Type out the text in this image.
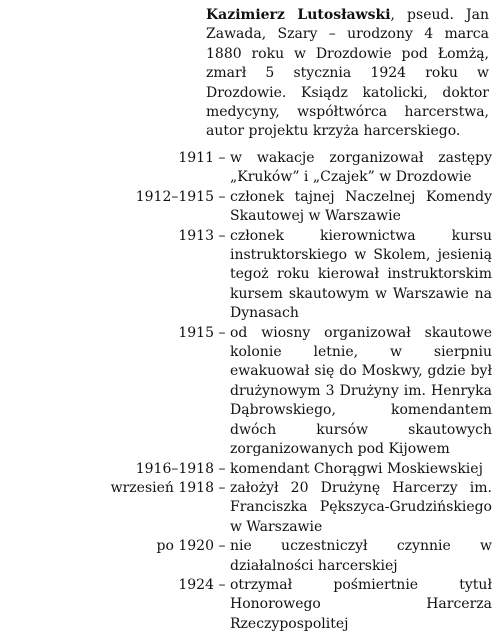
Kazimierz Lutosławski, pseud. Jan Zawada, Szary – urodzony 4 marca 1880 roku w Drozdowie pod Łomżą, zmarł 5 stycznia 1924 roku w Drozdowie. Ksiądz katolicki, doktor medycyny, współtwórca harcerstwa, autor projektu krzyża harcerskiego.
1911 – w wakacje zorganizował zastępy „Kruków” i „Czajek” w Drozdowie
1912–1915 – członek tajnej Naczelnej Komendy Skautowej w Warszawie
1913 – członek kierownictwa kursu instruktorskiego w Skolem, jesienią tegoż roku kierował instruktorskim kursem skautowym w Warszawie na Dynasach
1915 – od wiosny organizował skautowe kolonie letnie, w sierpniu ewakuował się do Moskwy, gdzie był drużynowym 3 Drużyny im. Henryka Dąbrowskiego, komendantem dwóch kursów skautowych zorganizowanych pod Kijowem
1916–1918 – komendant Chorągwi Moskiewskiej
wrzesień 1918 – założył 20 Drużynę Harcerzy im. Franciszka Pększyca-Grudzińskiego w Warszawie
po 1920 – nie uczestniczył czynnie w działalności harcerskiej
1924 – otrzymał pośmiertnie tytuł Honorowego Harcerza Rzeczypospolitej
